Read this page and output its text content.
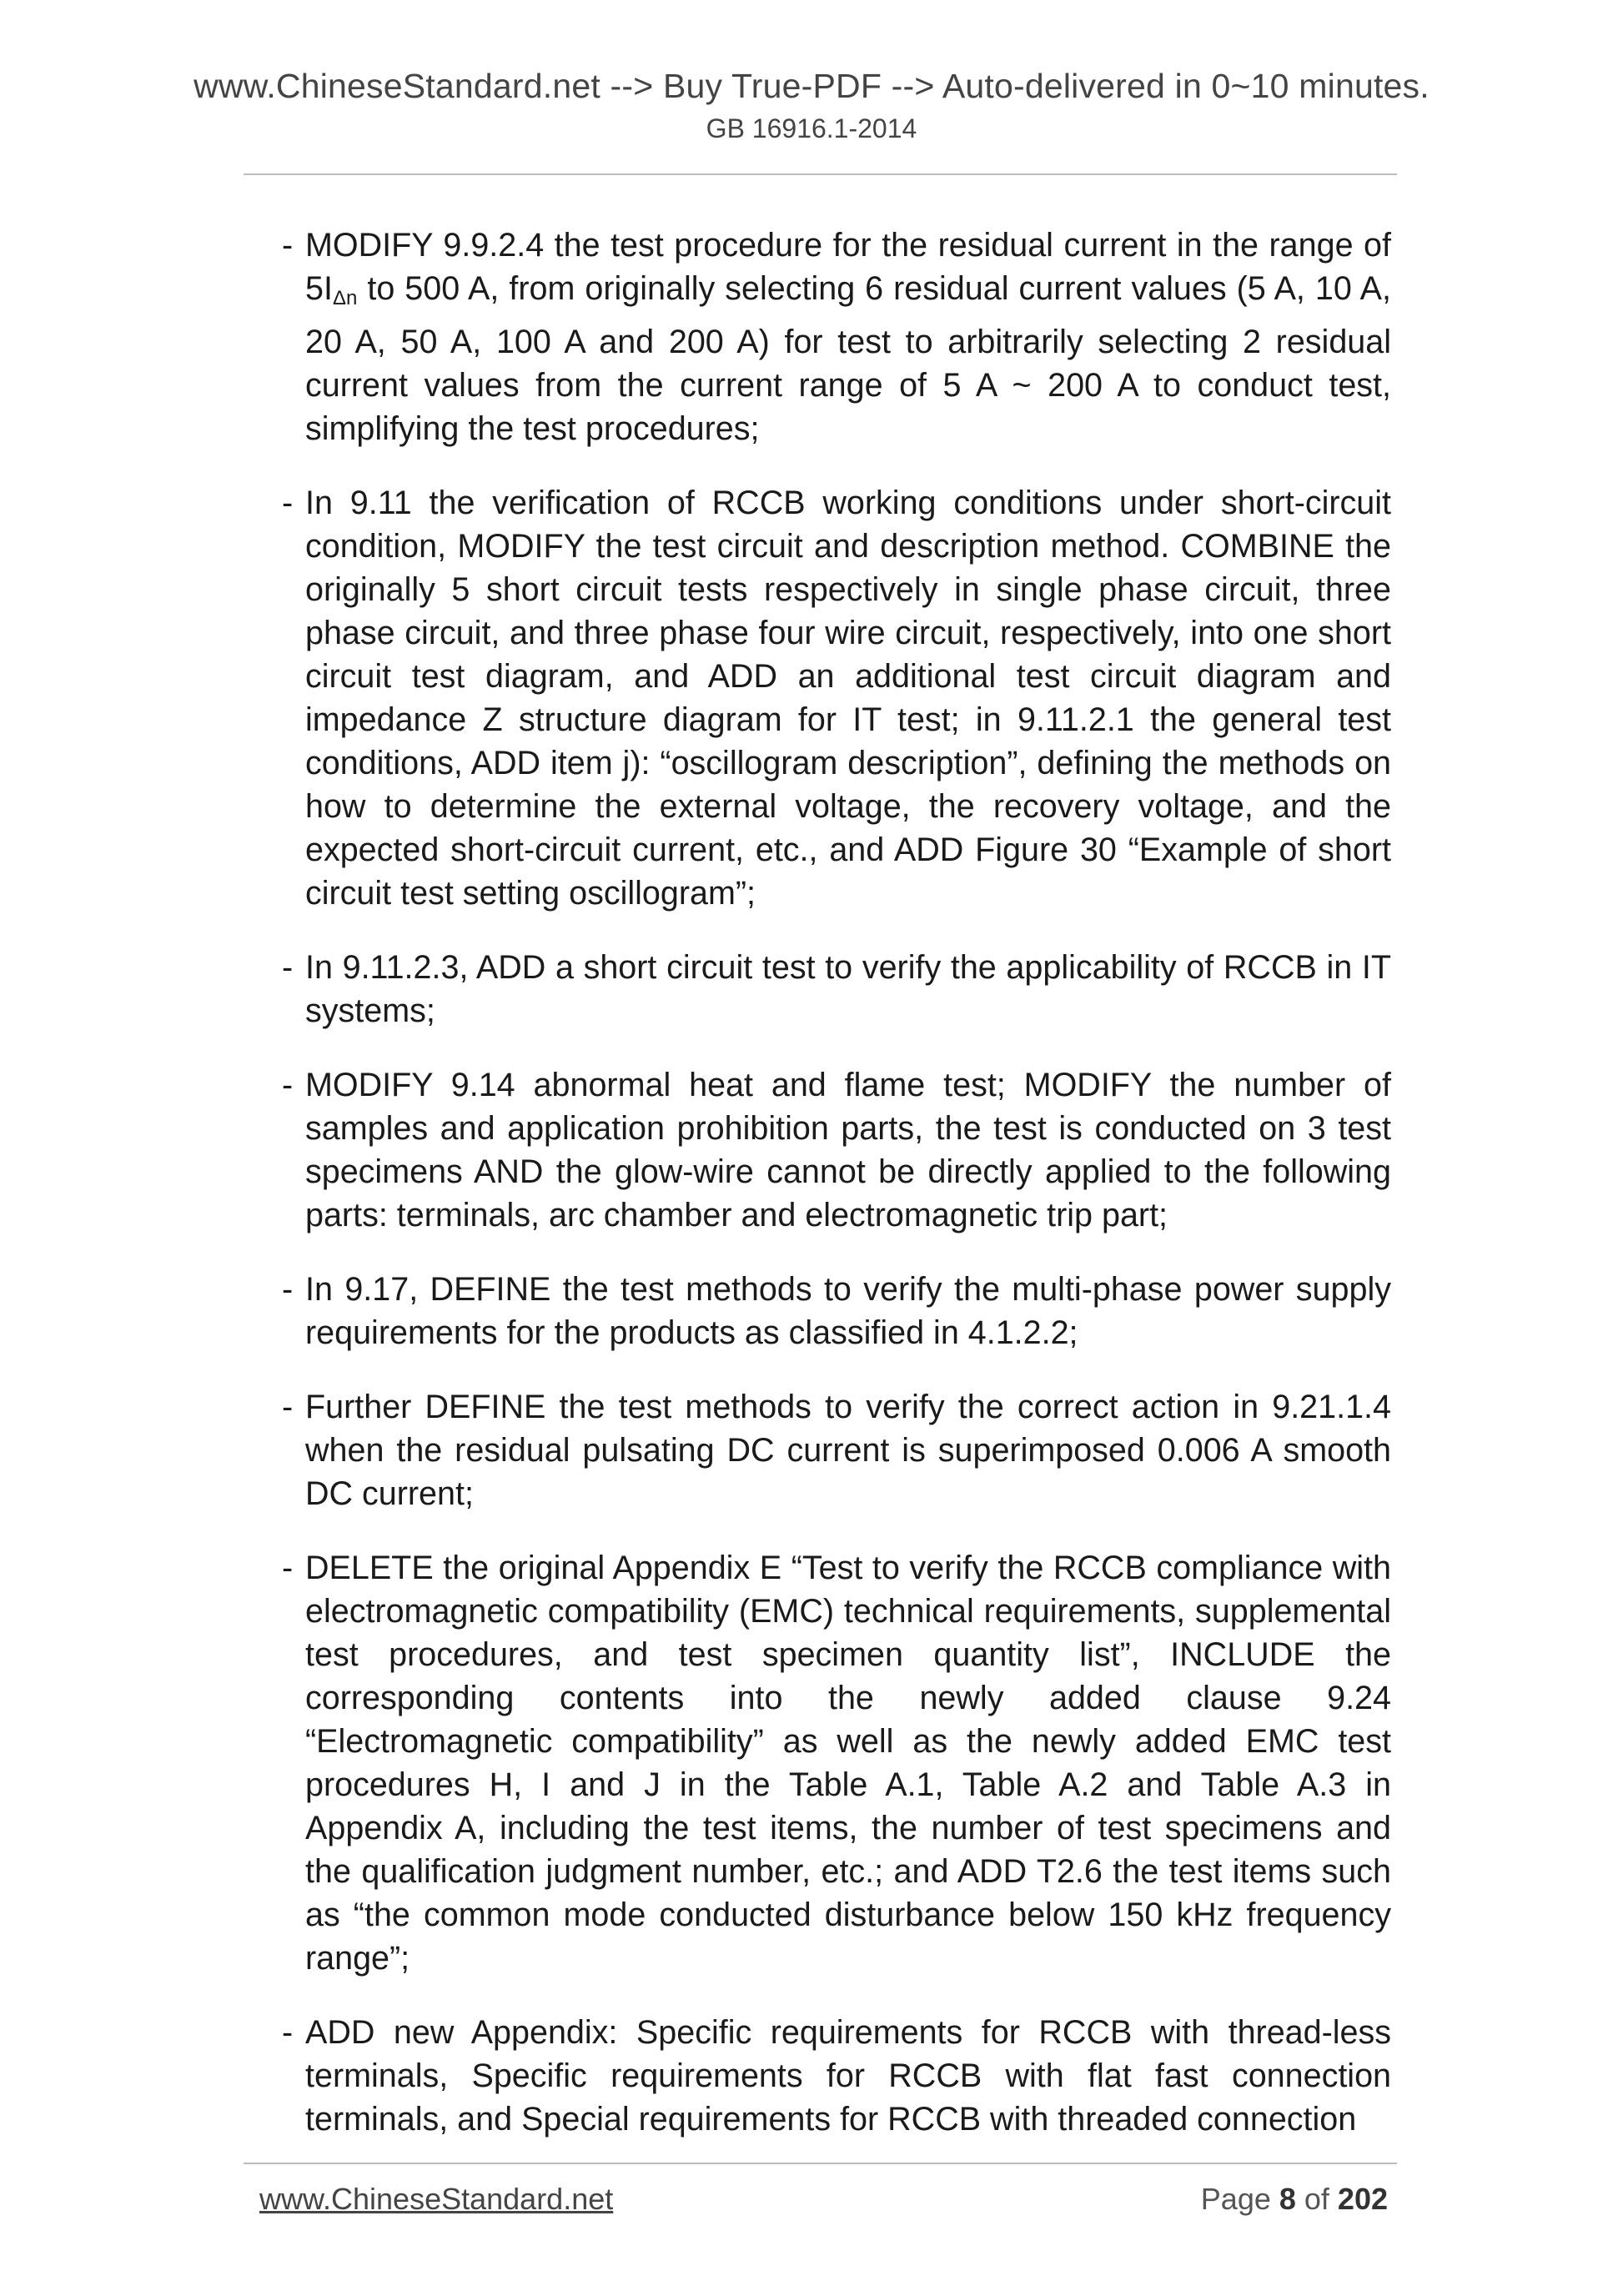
www.ChineseStandard.net --> Buy True-PDF --> Auto-delivered in 0~10 minutes.
GB 16916.1-2014
- MODIFY 9.9.2.4 the test procedure for the residual current in the range of $5I_{\Delta n}$ to 500 A, from originally selecting 6 residual current values (5 A, 10 A, 20 A, 50 A, 100 A and 200 A) for test to arbitrarily selecting 2 residual current values from the current range of 5 A ~ 200 A to conduct test, simplifying the test procedures;
- In 9.11 the verification of RCCB working conditions under short-circuit condition, MODIFY the test circuit and description method. COMBINE the originally 5 short circuit tests respectively in single phase circuit, three phase circuit, and three phase four wire circuit, respectively, into one short circuit test diagram, and ADD an additional test circuit diagram and impedance Z structure diagram for IT test; in 9.11.2.1 the general test conditions, ADD item j): “oscillogram description”, defining the methods on how to determine the external voltage, the recovery voltage, and the expected short-circuit current, etc., and ADD Figure 30 “Example of short circuit test setting oscillogram”;
- In 9.11.2.3, ADD a short circuit test to verify the applicability of RCCB in IT systems;
- MODIFY 9.14 abnormal heat and flame test; MODIFY the number of samples and application prohibition parts, the test is conducted on 3 test specimens AND the glow-wire cannot be directly applied to the following parts: terminals, arc chamber and electromagnetic trip part;
- In 9.17, DEFINE the test methods to verify the multi-phase power supply requirements for the products as classified in 4.1.2.2;
- Further DEFINE the test methods to verify the correct action in 9.21.1.4 when the residual pulsating DC current is superimposed 0.006 A smooth DC current;
- DELETE the original Appendix E “Test to verify the RCCB compliance with electromagnetic compatibility (EMC) technical requirements, supplemental test procedures, and test specimen quantity list”, INCLUDE the corresponding contents into the newly added clause 9.24 “Electromagnetic compatibility” as well as the newly added EMC test procedures H, I and J in the Table A.1, Table A.2 and Table A.3 in Appendix A, including the test items, the number of test specimens and the qualification judgment number, etc.; and ADD T2.6 the test items such as “the common mode conducted disturbance below 150 kHz frequency range”;
- ADD new Appendix: Specific requirements for RCCB with thread-less terminals, Specific requirements for RCCB with flat fast connection terminals, and Special requirements for RCCB with threaded connection
www.ChineseStandard.net	Page 8 of 202
